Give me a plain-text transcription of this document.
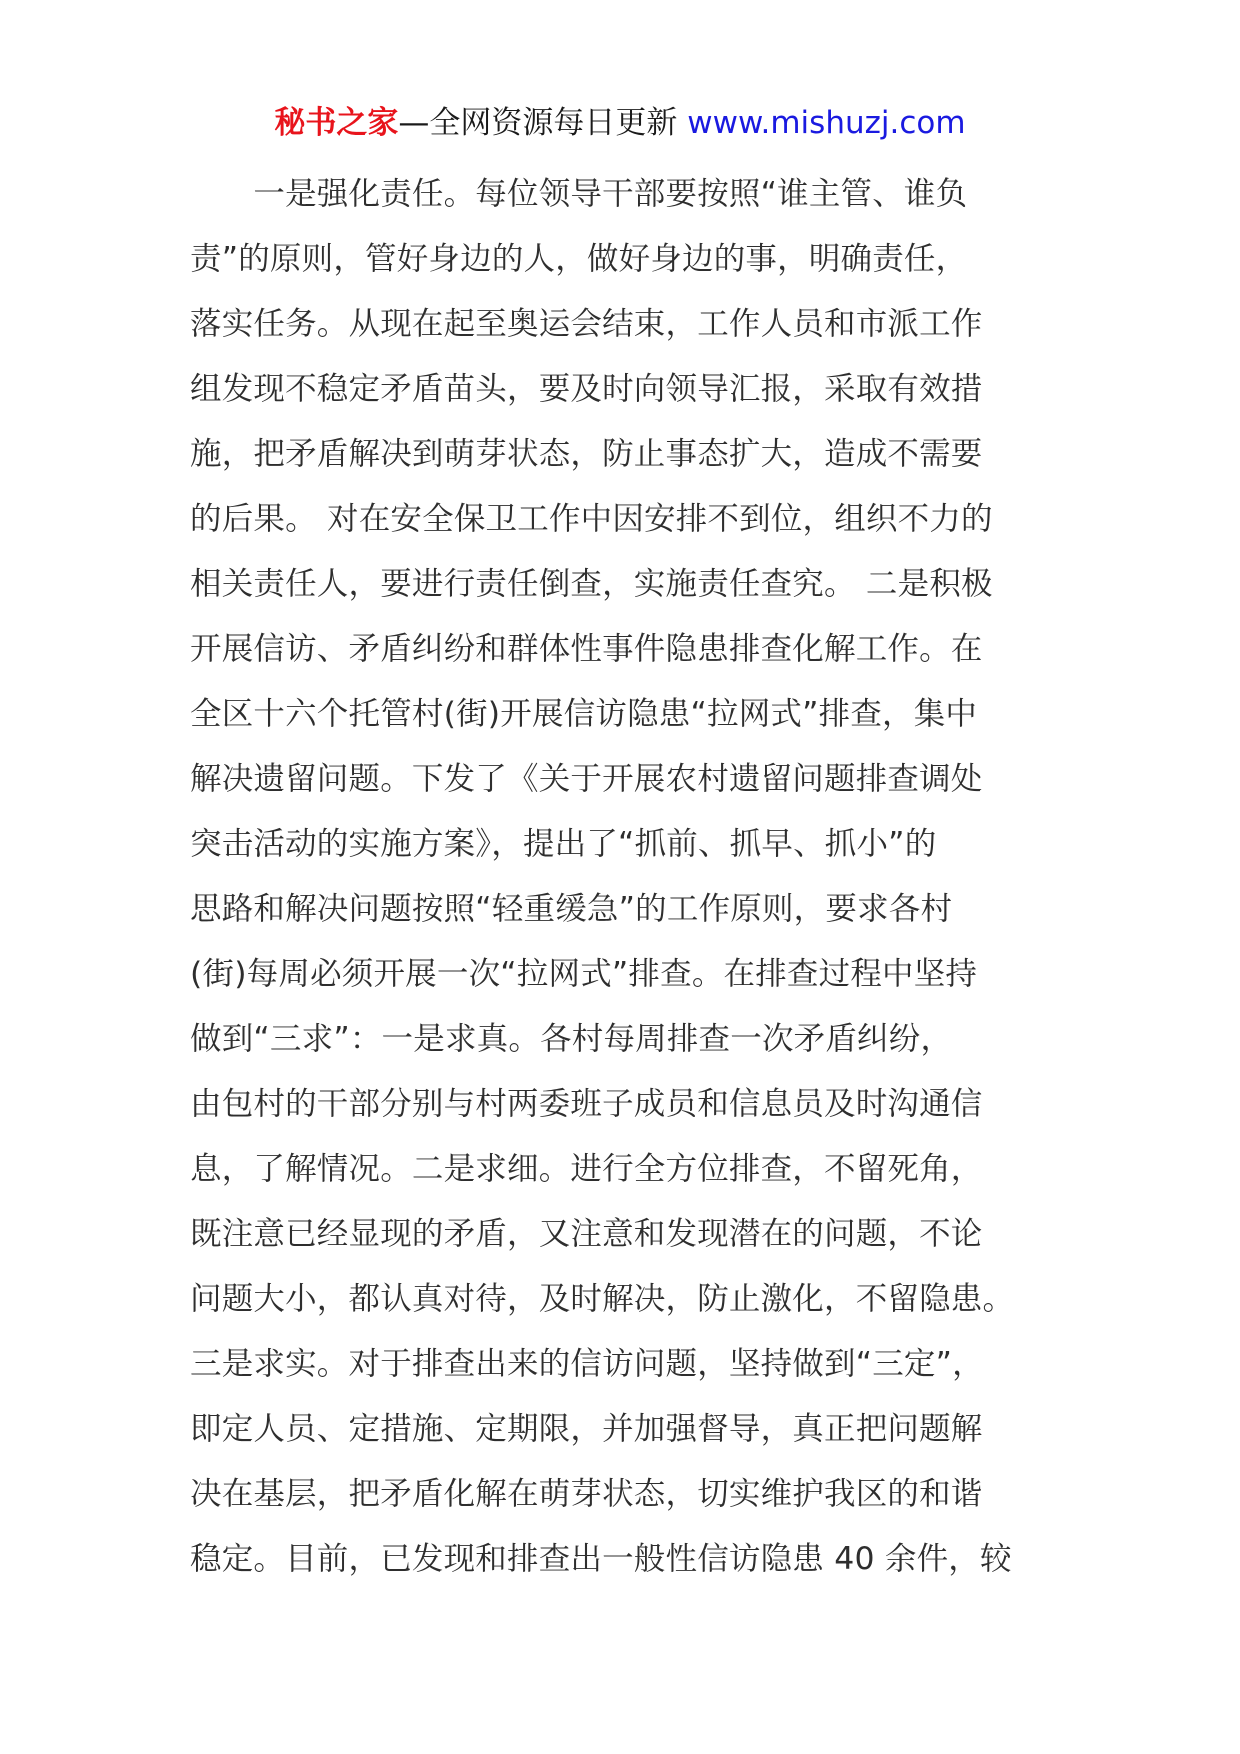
秘书之家—全网资源每日更新 www.mishuzj.com
　　一是强化责任。每位领导干部要按照“谁主管、谁负
责”的原则，管好身边的人，做好身边的事，明确责任，
落实任务。从现在起至奥运会结束，工作人员和市派工作
组发现不稳定矛盾苗头，要及时向领导汇报，采取有效措
施，把矛盾解决到萌芽状态，防止事态扩大，造成不需要
的后果。 对在安全保卫工作中因安排不到位，组织不力的
相关责任人，要进行责任倒查，实施责任查究。 二是积极
开展信访、矛盾纠纷和群体性事件隐患排查化解工作。在
全区十六个托管村(街)开展信访隐患“拉网式”排查，集中
解决遗留问题。下发了《关于开展农村遗留问题排查调处
突击活动的实施方案》，提出了“抓前、抓早、抓小”的
思路和解决问题按照“轻重缓急”的工作原则，要求各村
(街)每周必须开展一次“拉网式”排查。在排查过程中坚持
做到“三求”：一是求真。各村每周排查一次矛盾纠纷，
由包村的干部分别与村两委班子成员和信息员及时沟通信
息，了解情况。二是求细。进行全方位排查，不留死角，
既注意已经显现的矛盾，又注意和发现潜在的问题，不论
问题大小，都认真对待，及时解决，防止激化，不留隐患。
三是求实。对于排查出来的信访问题，坚持做到“三定”，
即定人员、定措施、定期限，并加强督导，真正把问题解
决在基层，把矛盾化解在萌芽状态，切实维护我区的和谐
稳定。目前，已发现和排查出一般性信访隐患 40 余件，较
